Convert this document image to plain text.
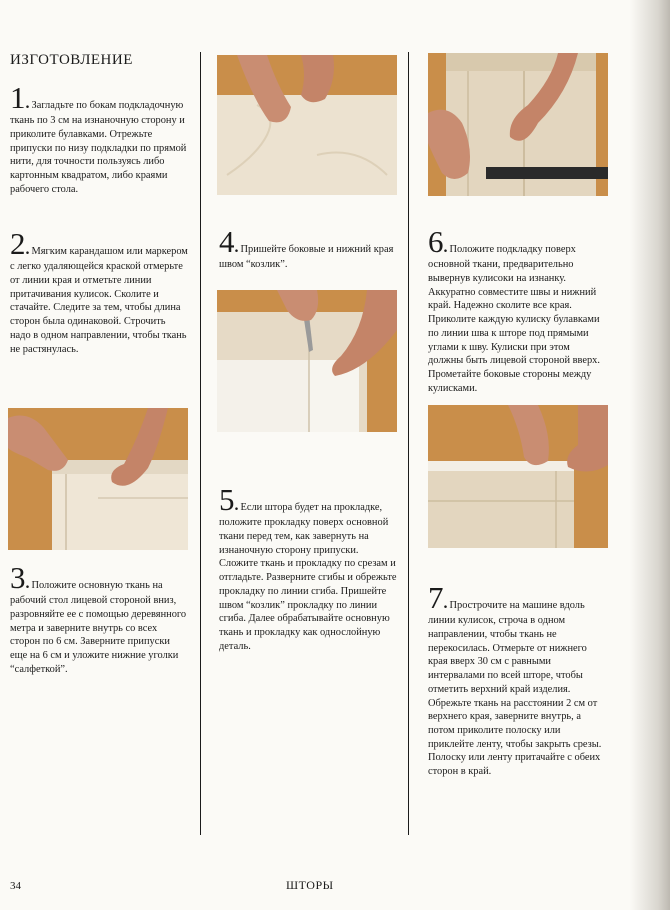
ИЗГОТОВЛЕНИЕ
1. Загладьте по бокам подкладочную ткань по 3 см на изнаночную сторону и приколите булавками. Отрежьте припуски по низу подкладки по прямой нити, для точности пользуясь либо картонным квадратом, либо краями рабочего стола.
2. Мягким карандашом или маркером с легко удаляющейся краской отмерьте от линии края и отметьте линии притачивания кулисок. Сколите и стачайте. Следите за тем, чтобы длина сторон была одинаковой. Строчить надо в одном направлении, чтобы ткань не растянулась.
3. Положите основную ткань на рабочий стол лицевой стороной вниз, разровняйте ее с помощью деревянного метра и заверните внутрь со всех сторон по 6 см. Заверните припуски еще на 6 см и уложите нижние уголки “салфеткой”.
4. Пришейте боковые и нижний края швом “козлик”.
5. Если штора будет на прокладке, положите прокладку поверх основной ткани перед тем, как завернуть на изнаночную сторону припуски. Сложите ткань и прокладку по срезам и отгладьте. Разверните сгибы и обрежьте прокладку по линии сгиба. Пришейте швом “козлик” прокладку по линии сгиба. Далее обрабатывайте основную ткань и прокладку как однослойную деталь.
6. Положите подкладку поверх основной ткани, предварительно вывернув кулисоки на изнанку. Аккуратно совместите швы и нижний край. Надежно сколите все края. Приколите каждую кулиску булавками по линии шва к шторе под прямыми углами к шву. Кулиски при этом должны быть лицевой стороной вверх. Прометайте боковые стороны между кулисками.
7. Прострочите на машине вдоль линии кулисок, строча в одном направлении, чтобы ткань не перекосилась. Отмерьте от нижнего края вверх 30 см с равными интервалами по всей шторе, чтобы отметить верхний край изделия. Обрежьте ткань на расстоянии 2 см от верхнего края, заверните внутрь, а потом приколите полоску или приклейте ленту, чтобы закрыть срезы. Полоску или ленту притачайте с обеих сторон в край.
34	ШТОРЫ
